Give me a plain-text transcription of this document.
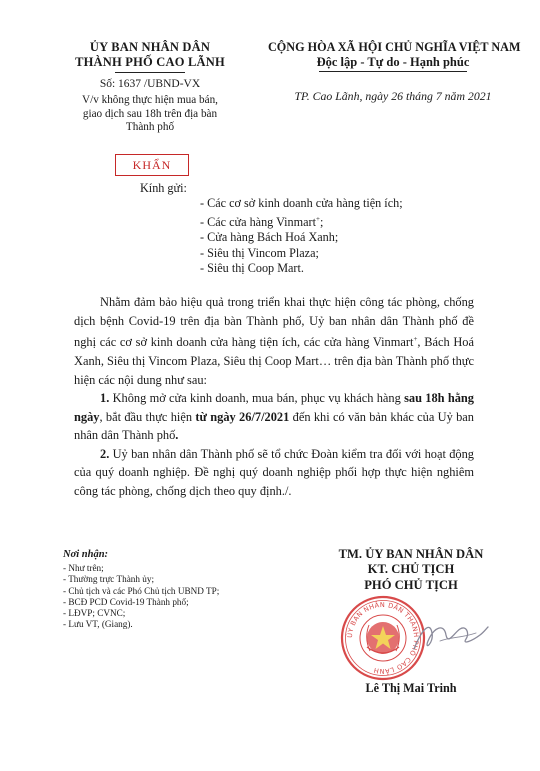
ỦY BAN NHÂN DÂN
THÀNH PHỐ CAO LÃNH
Số: 1637 /UBND-VX
V/v không thực hiện mua bán,
giao dịch sau 18h trên địa bàn
Thành phố
CỘNG HÒA XÃ HỘI CHỦ NGHĨA VIỆT NAM
Độc lập - Tự do - Hạnh phúc
TP. Cao Lãnh, ngày 26 tháng 7 năm 2021
KHẨN
Kính gửi:
- Các cơ sở kinh doanh cửa hàng tiện ích;
- Các cửa hàng Vinmart+;
- Cửa hàng Bách Hoá Xanh;
- Siêu thị Vincom Plaza;
- Siêu thị Coop Mart.

Nhằm đảm bảo hiệu quả trong triển khai thực hiện công tác phòng, chống dịch bệnh Covid-19 trên địa bàn Thành phố, Uỷ ban nhân dân Thành phố đề nghị các cơ sở kinh doanh cửa hàng tiện ích, các cửa hàng Vinmart+, Bách Hoá Xanh, Siêu thị Vincom Plaza, Siêu thị Coop Mart… trên địa bàn Thành phố thực hiện các nội dung như sau:

1. Không mở cửa kinh doanh, mua bán, phục vụ khách hàng sau 18h hằng ngày, bắt đầu thực hiện từ ngày 26/7/2021 đến khi có văn bản khác của Uỷ ban nhân dân Thành phố.

2. Uỷ ban nhân dân Thành phố sẽ tổ chức Đoàn kiểm tra đối với hoạt động của quý doanh nghiệp. Đề nghị quý doanh nghiệp phối hợp thực hiện nghiêm công tác phòng, chống dịch theo quy định./.

Nơi nhận:
- Như trên;
- Thường trực Thành ủy;
- Chủ tịch và các Phó Chủ tịch UBND TP;
- BCĐ PCD Covid-19 Thành phố;
- LĐVP; CVNC;
- Lưu VT, (Giang).
TM. ỦY BAN NHÂN DÂN
KT. CHỦ TỊCH
PHÓ CHỦ TỊCH
ỦY BAN NHÂN DÂN THÀNH PHỐ CAO LÃNH
Lê Thị Mai Trinh
